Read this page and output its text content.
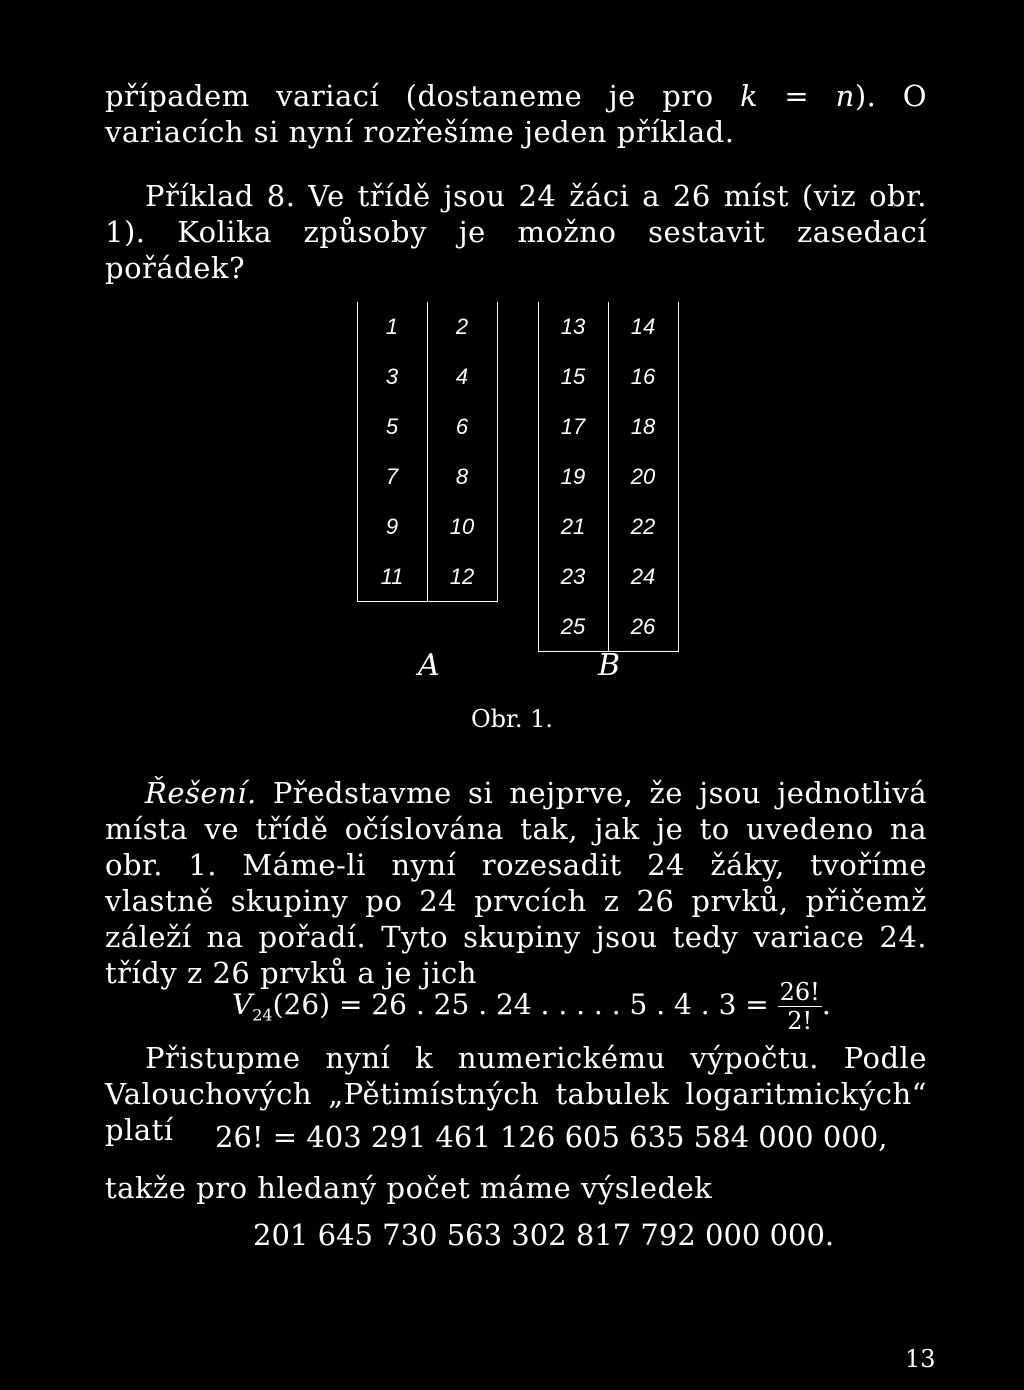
případem variací (dostaneme je pro k = n). O variacích si nyní rozřešíme jeden příklad.

Příklad 8. Ve třídě jsou 24 žáci a 26 míst (viz obr. 1). Kolika způsoby je možno sestavit zasedací pořádek?

1	2
3	4
5	6
7	8
9	10
11	12
13	14
15	16
17	18
19	20
21	22
23	24
25	26
A	B
Obr. 1.

Řešení. Představme si nejprve, že jsou jednotlivá místa ve třídě očíslována tak, jak je to uvedeno na obr. 1. Máme-li nyní rozesadit 24 žáky, tvoříme vlastně skupiny po 24 prvcích z 26 prvků, přičemž záleží na pořadí. Tyto skupiny jsou tedy variace 24. třídy z 26 prvků a je jich

$V_{24}(26) = 26$ . 25 . 24 . . . . . 5 . 4 . $3 = \frac{26!}{2!}$ .

Přistupme nyní k numerickému výpočtu. Podle Valouchových „Pětimístných tabulek logaritmických“ platí	26! = 403 291 461 126 605 635 584 000 000,

takže pro hledaný počet máme výsledek

201 645 730 563 302 817 792 000 000.
13
